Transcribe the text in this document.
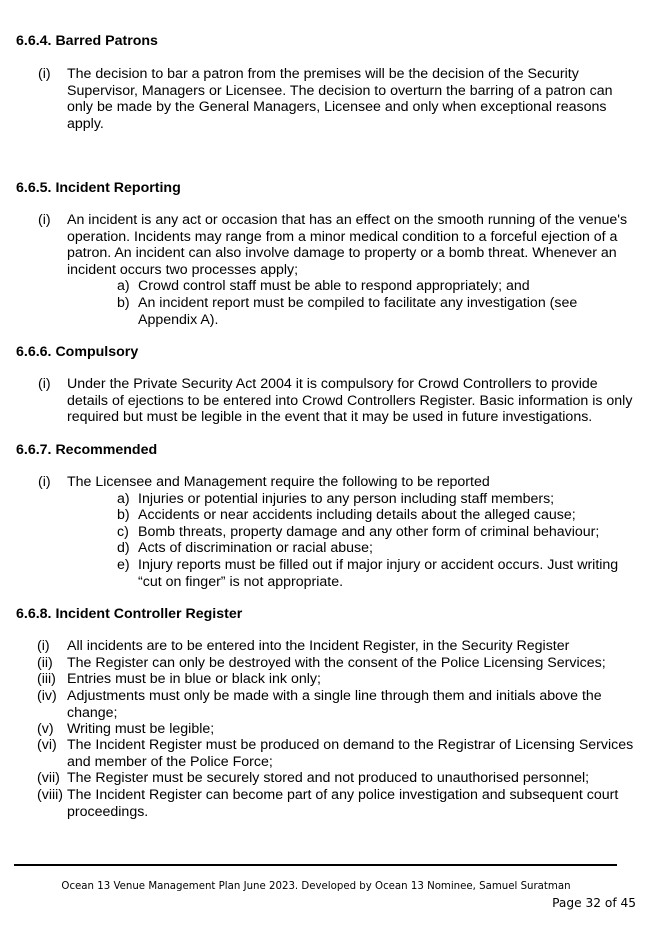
6.6.4. Barred Patrons
(i) The decision to bar a patron from the premises will be the decision of the Security Supervisor, Managers or Licensee. The decision to overturn the barring of a patron can only be made by the General Managers, Licensee and only when exceptional reasons apply.
6.6.5. Incident Reporting
(i) An incident is any act or occasion that has an effect on the smooth running of the venue's operation. Incidents may range from a minor medical condition to a forceful ejection of a patron. An incident can also involve damage to property or a bomb threat. Whenever an incident occurs two processes apply;
a) Crowd control staff must be able to respond appropriately; and
b) An incident report must be compiled to facilitate any investigation (see Appendix A).
6.6.6. Compulsory
(i) Under the Private Security Act 2004 it is compulsory for Crowd Controllers to provide details of ejections to be entered into Crowd Controllers Register. Basic information is only required but must be legible in the event that it may be used in future investigations.
6.6.7. Recommended
(i) The Licensee and Management require the following to be reported
a) Injuries or potential injuries to any person including staff members;
b) Accidents or near accidents including details about the alleged cause;
c) Bomb threats, property damage and any other form of criminal behaviour;
d) Acts of discrimination or racial abuse;
e) Injury reports must be filled out if major injury or accident occurs. Just writing “cut on finger” is not appropriate.
6.6.8. Incident Controller Register
(i) All incidents are to be entered into the Incident Register, in the Security Register
(ii) The Register can only be destroyed with the consent of the Police Licensing Services;
(iii) Entries must be in blue or black ink only;
(iv) Adjustments must only be made with a single line through them and initials above the change;
(v) Writing must be legible;
(vi) The Incident Register must be produced on demand to the Registrar of Licensing Services and member of the Police Force;
(vii) The Register must be securely stored and not produced to unauthorised personnel;
(viii) The Incident Register can become part of any police investigation and subsequent court proceedings.
Ocean 13 Venue Management Plan June 2023. Developed by Ocean 13 Nominee, Samuel Suratman
Page 32 of 45
